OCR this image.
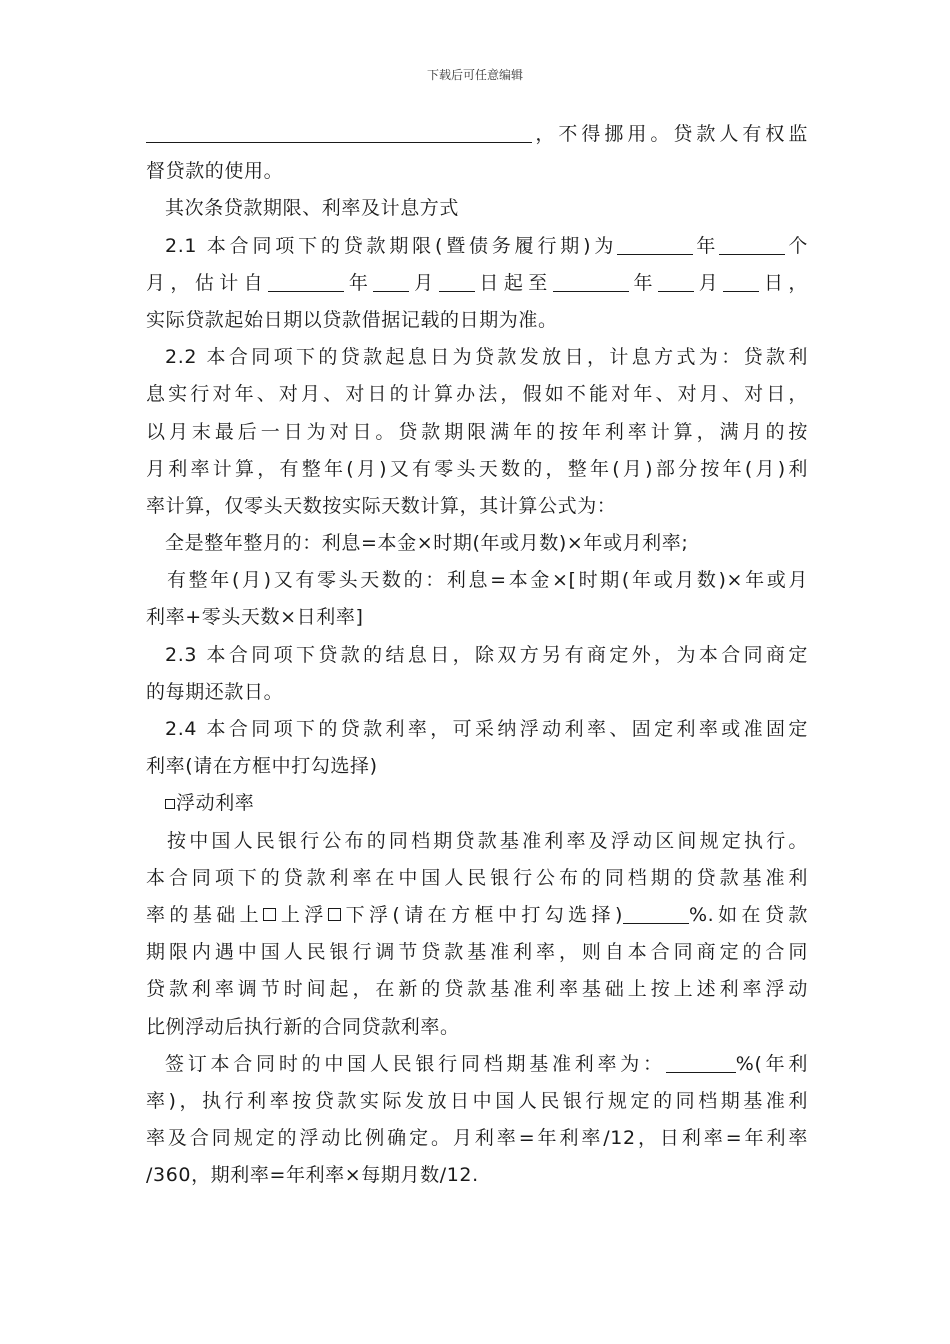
下载后可任意编辑
，不得挪用。贷款人有权监
督贷款的使用。
其次条贷款期限、利率及计息方式
2.1 本合同项下的贷款期限(暨债务履行期)为	年	个
月，估计自	年 月 日起至	年 月 日，
实际贷款起始日期以贷款借据记载的日期为准。
2.2 本合同项下的贷款起息日为贷款发放日，计息方式为：贷款利
息实行对年、对月、对日的计算办法，假如不能对年、对月、对日，
以月末最后一日为对日。贷款期限满年的按年利率计算，满月的按
月利率计算，有整年(月)又有零头天数的，整年(月)部分按年(月)利
率计算，仅零头天数按实际天数计算，其计算公式为：
全是整年整月的：利息=本金×时期(年或月数)×年或月利率;
有整年(月)又有零头天数的：利息=本金×[时期(年或月数)×年或月
利率+零头天数×日利率]
2.3 本合同项下贷款的结息日，除双方另有商定外，为本合同商定
的每期还款日。
2.4 本合同项下的贷款利率，可采纳浮动利率、固定利率或准固定
利率(请在方框中打勾选择)
浮动利率
按中国人民银行公布的同档期贷款基准利率及浮动区间规定执行。
本合同项下的贷款利率在中国人民银行公布的同档期的贷款基准利
率的基础上 上浮 下浮(请在方框中打勾选择)	%.如在贷款
期限内遇中国人民银行调节贷款基准利率，则自本合同商定的合同
贷款利率调节时间起，在新的贷款基准利率基础上按上述利率浮动
比例浮动后执行新的合同贷款利率。
签订本合同时的中国人民银行同档期基准利率为：	%(年利
率)，执行利率按贷款实际发放日中国人民银行规定的同档期基准利
率及合同规定的浮动比例确定。月利率=年利率/12，日利率=年利率
/360，期利率=年利率×每期月数/12.
